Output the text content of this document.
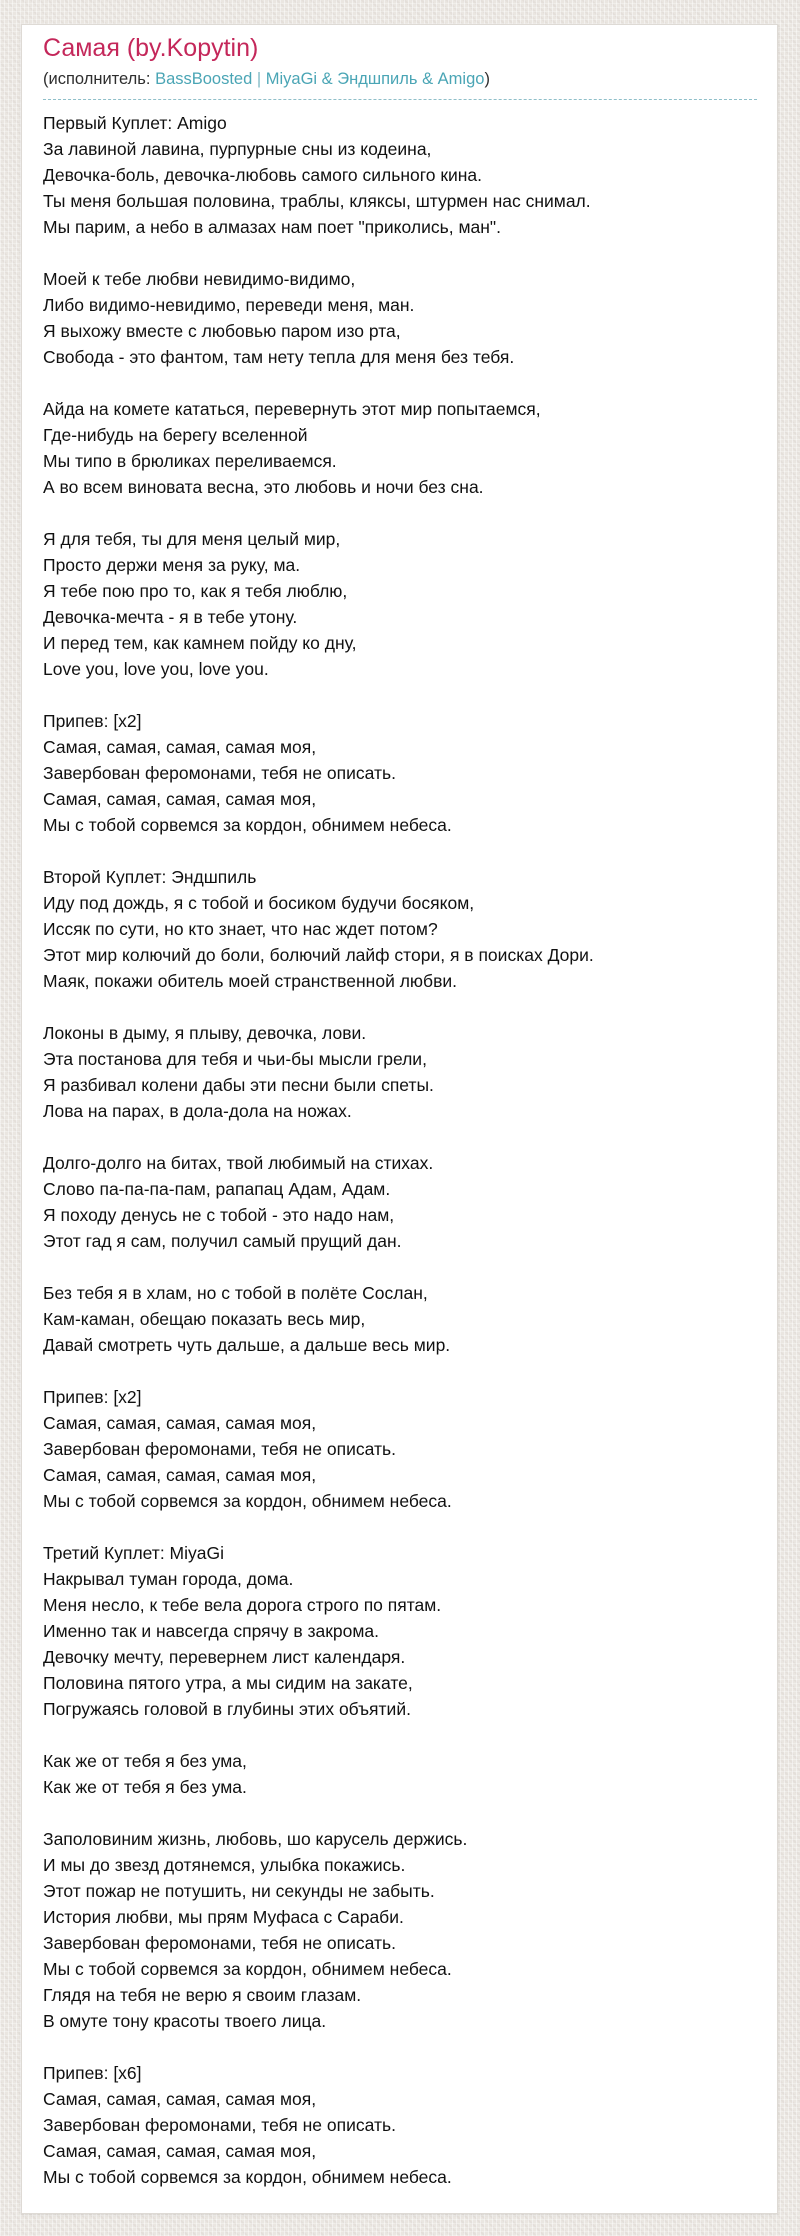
Самая (by.Kopytin)
(исполнитель: BassBoosted | MiyaGi & Эндшпиль & Amigo)

Первый Куплет: Amigo
За лавиной лавина, пурпурные сны из кодеина,
Девочка-боль, девочка-любовь самого сильного кина.
Ты меня большая половина, траблы, кляксы, штурмен нас снимал.
Мы парим, а небо в алмазах нам поет "приколись, ман".

Моей к тебе любви невидимо-видимо,
Либо видимо-невидимо, переведи меня, ман.
Я выхожу вместе с любовью паром изо рта,
Свобода - это фантом, там нету тепла для меня без тебя.

Айда на комете кататься, перевернуть этот мир попытаемся,
Где-нибудь на берегу вселенной
Мы типо в брюликах переливаемся.
А во всем виновата весна, это любовь и ночи без сна.

Я для тебя, ты для меня целый мир,
Просто держи меня за руку, ма.
Я тебе пою про то, как я тебя люблю,
Девочка-мечта - я в тебе утону.
И перед тем, как камнем пойду ко дну,
Love you, love you, love you.

Припев: [x2]
Самая, самая, самая, самая моя,
Завербован феромонами, тебя не описать.
Самая, самая, самая, самая моя,
Мы с тобой сорвемся за кордон, обнимем небеса.

Второй Куплет: Эндшпиль
Иду под дождь, я с тобой и босиком будучи босяком,
Иссяк по сути, но кто знает, что нас ждет потом?
Этот мир колючий до боли, болючий лайф стори, я в поисках Дори.
Маяк, покажи обитель моей странственной любви.

Локоны в дыму, я плыву, девочка, лови.
Эта постанова для тебя и чьи-бы мысли грели,
Я разбивал колени дабы эти песни были спеты.
Лова на парах, в дола-дола на ножах.

Долго-долго на битах, твой любимый на стихах.
Слово па-па-па-пам, рапапац Адам, Адам.
Я походу денусь не с тобой - это надо нам,
Этот гад я сам, получил самый прущий дан.

Без тебя я в хлам, но с тобой в полёте Сослан,
Кам-каман, обещаю показать весь мир,
Давай смотреть чуть дальше, а дальше весь мир.

Припев: [x2]
Самая, самая, самая, самая моя,
Завербован феромонами, тебя не описать.
Самая, самая, самая, самая моя,
Мы с тобой сорвемся за кордон, обнимем небеса.

Третий Куплет: MiyaGi
Накрывал туман города, дома.
Меня несло, к тебе вела дорога строго по пятам.
Именно так и навсегда спрячу в закрома.
Девочку мечту, перевернем лист календаря.
Половина пятого утра, а мы сидим на закате,
Погружаясь головой в глубины этих объятий.

Как же от тебя я без ума,
Как же от тебя я без ума.

Заполовиним жизнь, любовь, шо карусель держись.
И мы до звезд дотянемся, улыбка покажись.
Этот пожар не потушить, ни секунды не забыть.
История любви, мы прям Муфаса с Сараби.
Завербован феромонами, тебя не описать.
Мы с тобой сорвемся за кордон, обнимем небеса.
Глядя на тебя не верю я своим глазам.
В омуте тону красоты твоего лица.

Припев: [x6]
Самая, самая, самая, самая моя,
Завербован феромонами, тебя не описать.
Самая, самая, самая, самая моя,
Мы с тобой сорвемся за кордон, обнимем небеса.
